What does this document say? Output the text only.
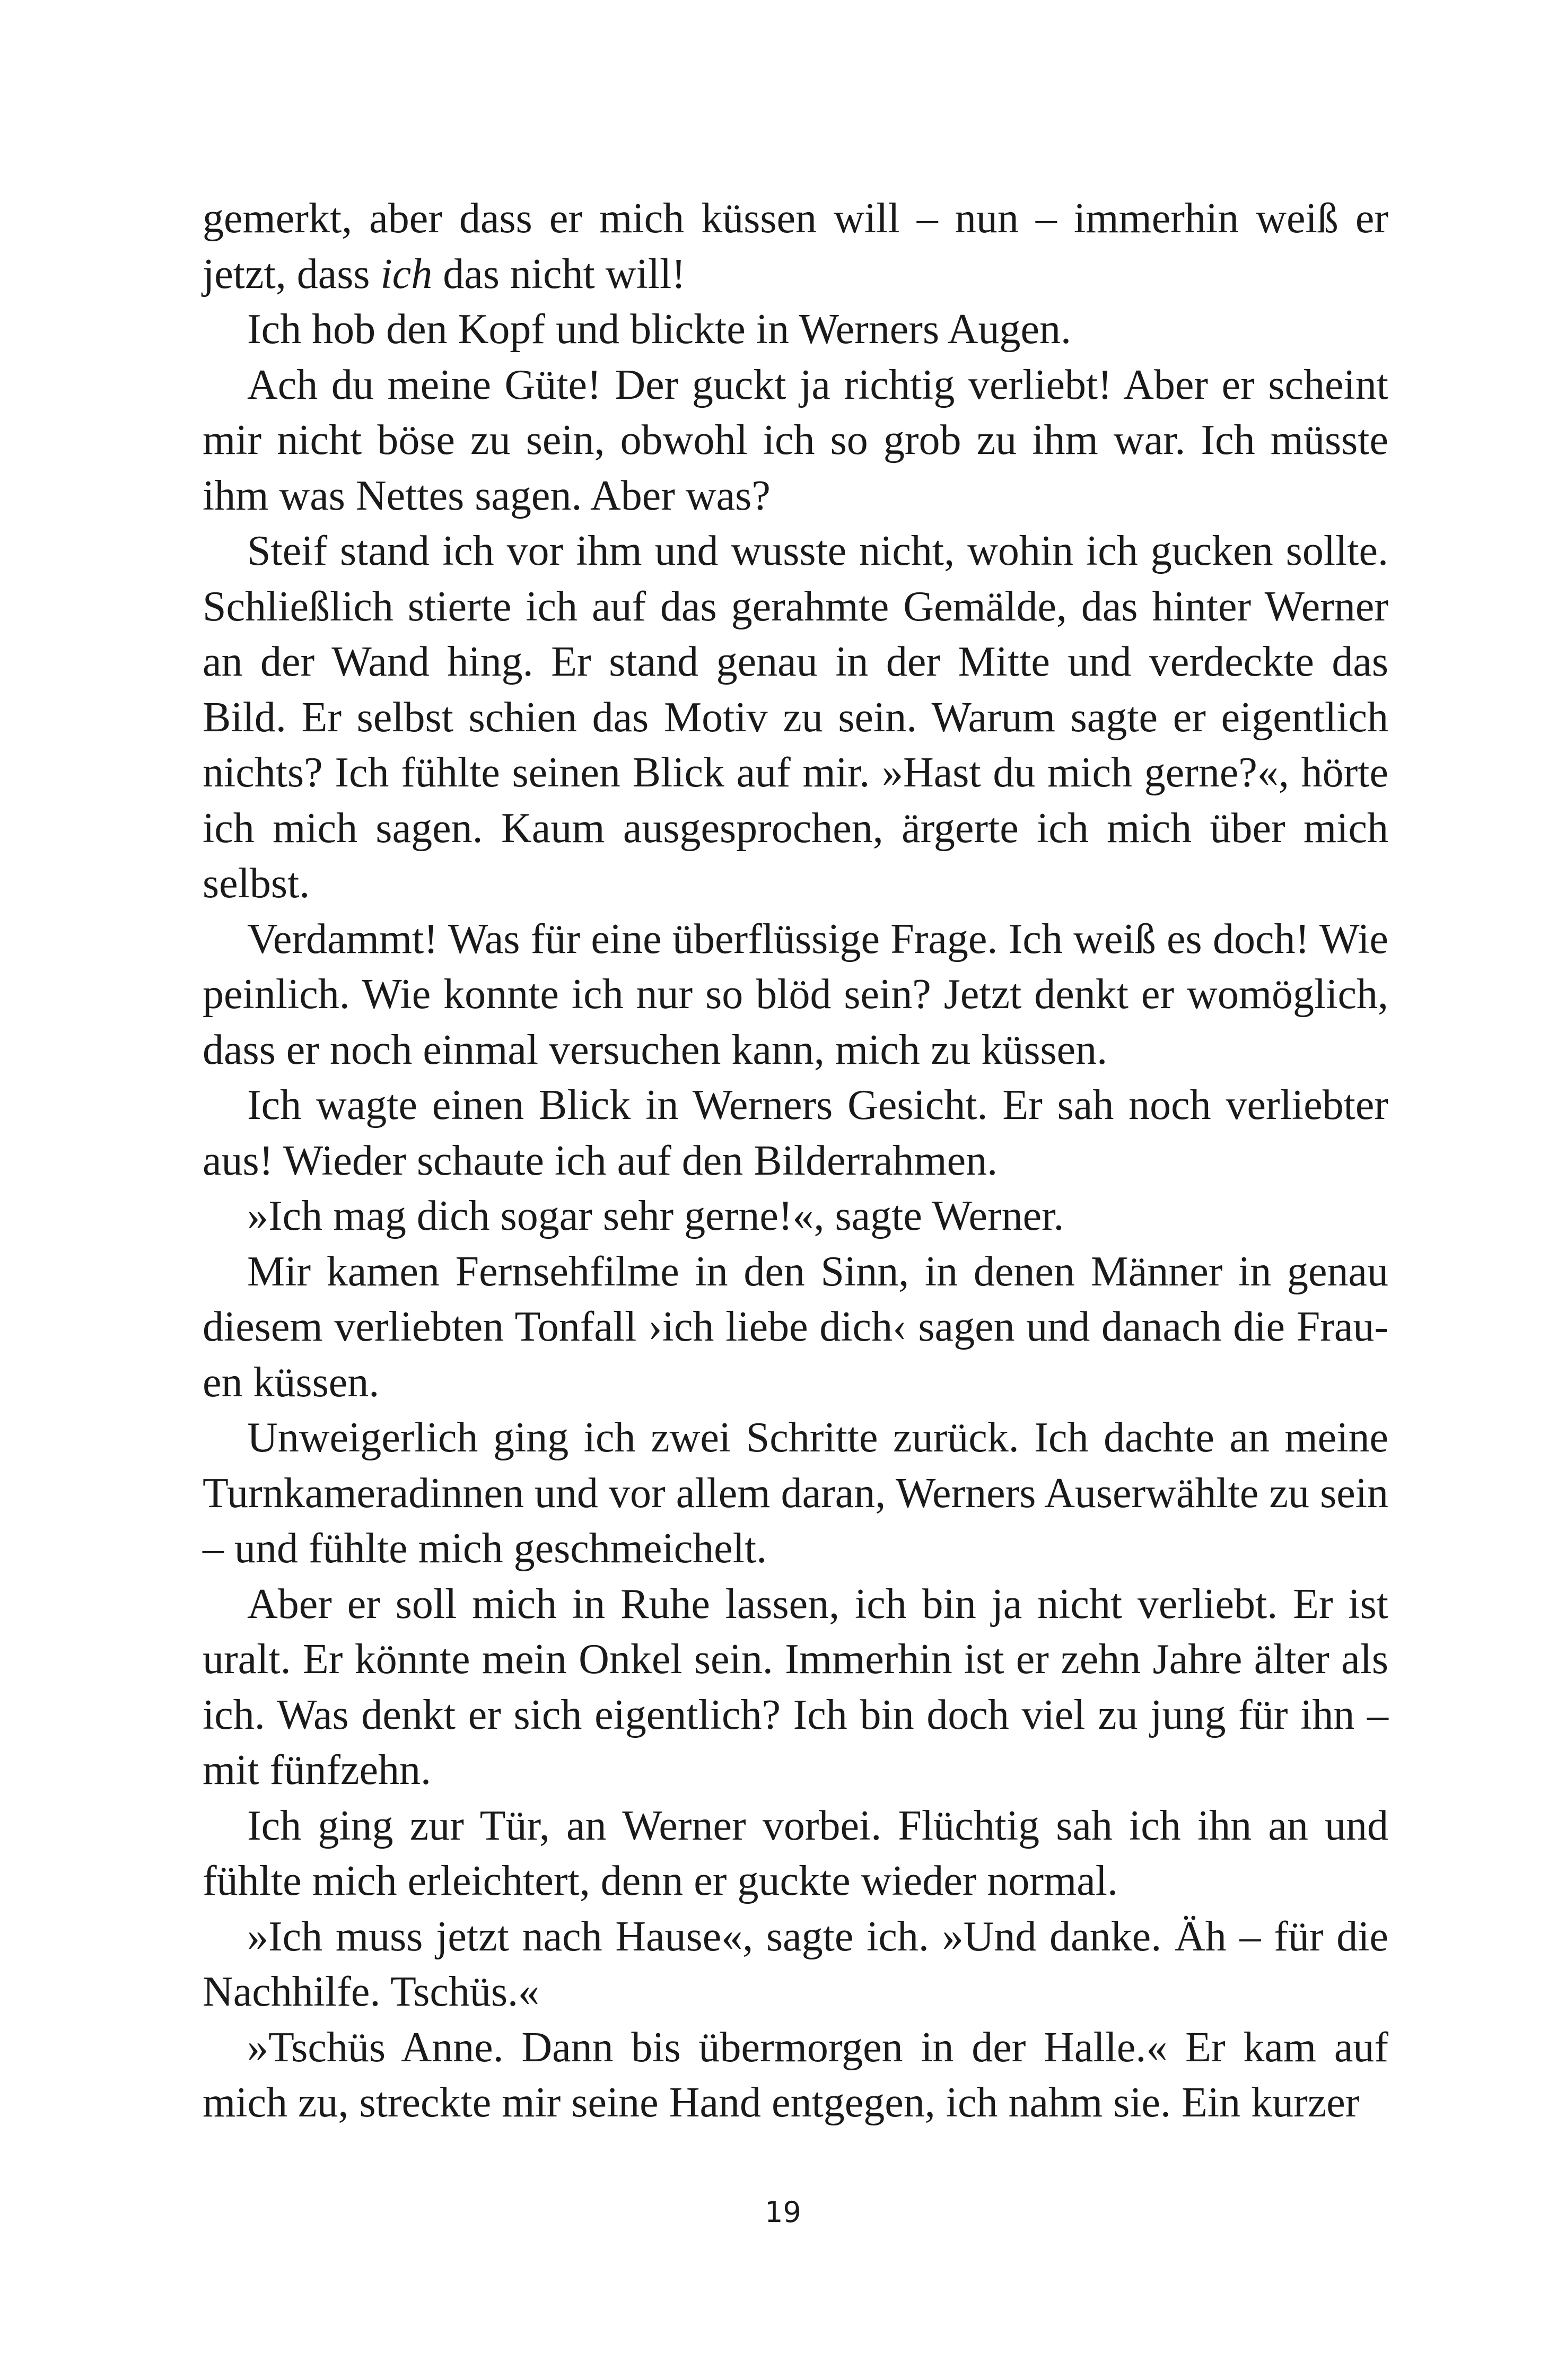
gemerkt, aber dass er mich küssen will – nun – immerhin weiß er jetzt, dass ich das nicht will!

Ich hob den Kopf und blickte in Werners Augen.

Ach du meine Güte! Der guckt ja richtig verliebt! Aber er scheint mir nicht böse zu sein, obwohl ich so grob zu ihm war. Ich müsste ihm was Nettes sagen. Aber was?

Steif stand ich vor ihm und wusste nicht, wohin ich gucken sollte. Schließlich stierte ich auf das gerahmte Gemälde, das hinter Werner an der Wand hing. Er stand genau in der Mitte und verdeckte das Bild. Er selbst schien das Motiv zu sein. Warum sagte er eigentlich nichts? Ich fühlte seinen Blick auf mir. »Hast du mich gerne?«, hörte ich mich sagen. Kaum ausgesprochen, ärgerte ich mich über mich selbst.

Verdammt! Was für eine überflüssige Frage. Ich weiß es doch! Wie peinlich. Wie konnte ich nur so blöd sein? Jetzt denkt er womöglich, dass er noch einmal versuchen kann, mich zu küssen.

Ich wagte einen Blick in Werners Gesicht. Er sah noch verliebter aus! Wieder schaute ich auf den Bilderrahmen.

»Ich mag dich sogar sehr gerne!«, sagte Werner.

Mir kamen Fernsehfilme in den Sinn, in denen Männer in genau diesem verliebten Tonfall ›ich liebe dich‹ sagen und danach die Frauen küssen.

Unweigerlich ging ich zwei Schritte zurück. Ich dachte an meine Turnkameradinnen und vor allem daran, Werners Auserwählte zu sein – und fühlte mich geschmeichelt.

Aber er soll mich in Ruhe lassen, ich bin ja nicht verliebt. Er ist uralt. Er könnte mein Onkel sein. Immerhin ist er zehn Jahre älter als ich. Was denkt er sich eigentlich? Ich bin doch viel zu jung für ihn – mit fünfzehn.

Ich ging zur Tür, an Werner vorbei. Flüchtig sah ich ihn an und fühlte mich erleichtert, denn er guckte wieder normal.

»Ich muss jetzt nach Hause«, sagte ich. »Und danke. Äh – für die Nachhilfe. Tschüs.«

»Tschüs Anne. Dann bis übermorgen in der Halle.« Er kam auf mich zu, streckte mir seine Hand entgegen, ich nahm sie. Ein kurzer

19
